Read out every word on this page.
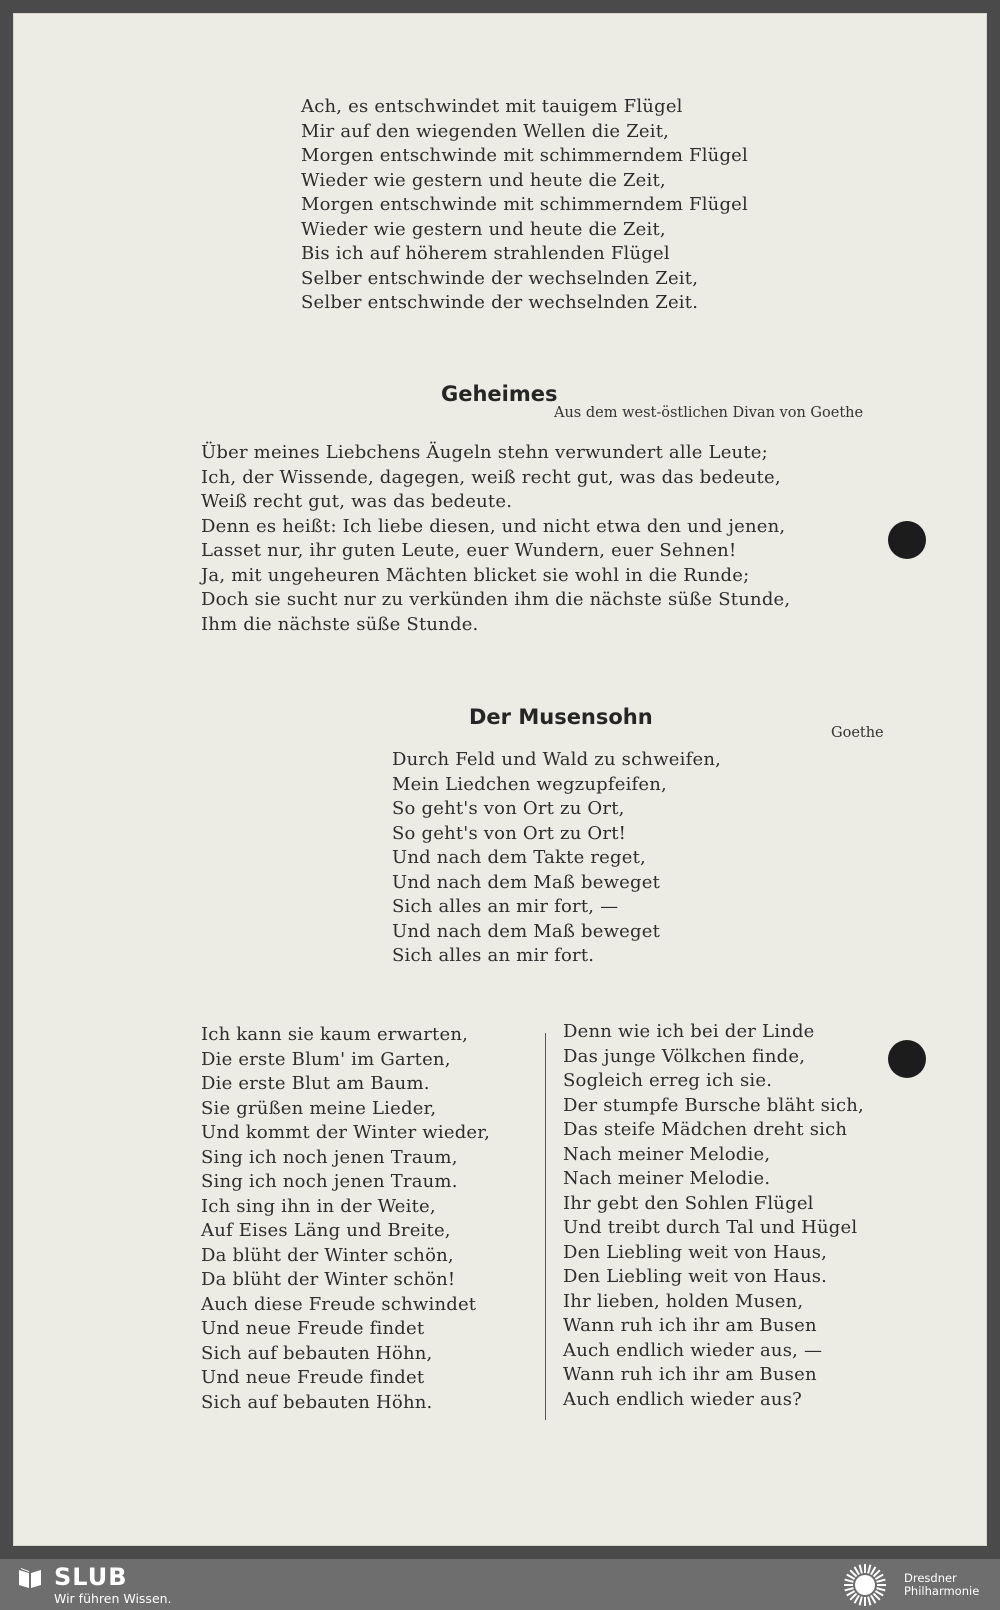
Ach, es entschwindet mit tauigem Flügel
Mir auf den wiegenden Wellen die Zeit,
Morgen entschwinde mit schimmerndem Flügel
Wieder wie gestern und heute die Zeit,
Morgen entschwinde mit schimmerndem Flügel
Wieder wie gestern und heute die Zeit,
Bis ich auf höherem strahlenden Flügel
Selber entschwinde der wechselnden Zeit,
Selber entschwinde der wechselnden Zeit.
Geheimes
Aus dem west-östlichen Divan von Goethe
Über meines Liebchens Äugeln stehn verwundert alle Leute;
Ich, der Wissende, dagegen, weiß recht gut, was das bedeute,
Weiß recht gut, was das bedeute.
Denn es heißt: Ich liebe diesen, und nicht etwa den und jenen,
Lasset nur, ihr guten Leute, euer Wundern, euer Sehnen!
Ja, mit ungeheuren Mächten blicket sie wohl in die Runde;
Doch sie sucht nur zu verkünden ihm die nächste süße Stunde,
Ihm die nächste süße Stunde.
Der Musensohn
Goethe
Durch Feld und Wald zu schweifen,
Mein Liedchen wegzupfeifen,
So geht's von Ort zu Ort,
So geht's von Ort zu Ort!
Und nach dem Takte reget,
Und nach dem Maß beweget
Sich alles an mir fort, —
Und nach dem Maß beweget
Sich alles an mir fort.
Ich kann sie kaum erwarten,
Die erste Blum' im Garten,
Die erste Blut am Baum.
Sie grüßen meine Lieder,
Und kommt der Winter wieder,
Sing ich noch jenen Traum,
Sing ich noch jenen Traum.
Ich sing ihn in der Weite,
Auf Eises Läng und Breite,
Da blüht der Winter schön,
Da blüht der Winter schön!
Auch diese Freude schwindet
Und neue Freude findet
Sich auf bebauten Höhn,
Und neue Freude findet
Sich auf bebauten Höhn.
Denn wie ich bei der Linde
Das junge Völkchen finde,
Sogleich erreg ich sie.
Der stumpfe Bursche bläht sich,
Das steife Mädchen dreht sich
Nach meiner Melodie,
Nach meiner Melodie.
Ihr gebt den Sohlen Flügel
Und treibt durch Tal und Hügel
Den Liebling weit von Haus,
Den Liebling weit von Haus.
Ihr lieben, holden Musen,
Wann ruh ich ihr am Busen
Auch endlich wieder aus, —
Wann ruh ich ihr am Busen
Auch endlich wieder aus?
SLUB
Wir führen Wissen.
Dresdner
Philharmonie
